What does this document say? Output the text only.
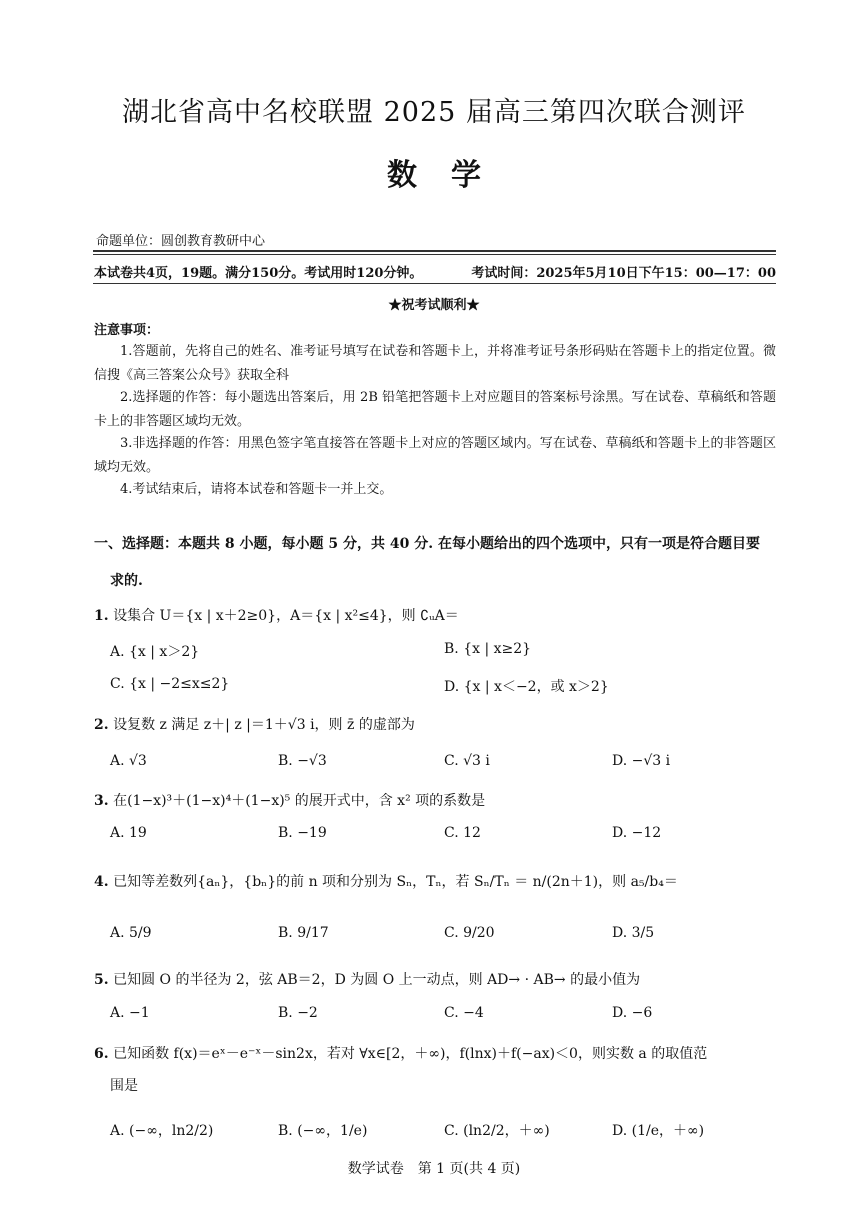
湖北省高中名校联盟 2025 届高三第四次联合测评
数学
命题单位：圆创教育教研中心
本试卷共4页，19题。满分150分。考试用时120分钟。	考试时间：2025年5月10日下午15：00—17：00
★祝考试顺利★
注意事项：
1.答题前，先将自己的姓名、准考证号填写在试卷和答题卡上，并将准考证号条形码贴在答题卡上的指定位置。微信搜《高三答案公众号》获取全科
2.选择题的作答：每小题选出答案后，用 2B 铅笔把答题卡上对应题目的答案标号涂黑。写在试卷、草稿纸和答题卡上的非答题区域均无效。
3.非选择题的作答：用黑色签字笔直接答在答题卡上对应的答题区域内。写在试卷、草稿纸和答题卡上的非答题区域均无效。
4.考试结束后，请将本试卷和答题卡一并上交。
一、选择题：本题共 8 小题，每小题 5 分，共 40 分. 在每小题给出的四个选项中，只有一项是符合题目要
求的.
1. 设集合 U＝{x | x＋2≥0}，A＝{x | x²≤4}，则 ∁ᵤA＝
A. {x | x＞2}	B. {x | x≥2}
C. {x | −2≤x≤2}	D. {x | x＜−2，或 x＞2}
2. 设复数 z 满足 z＋| z |＝1＋√3 i，则 z̄ 的虚部为
A. √3	B. −√3	C. √3 i	D. −√3 i
3. 在(1−x)³＋(1−x)⁴＋(1−x)⁵ 的展开式中，含 x² 项的系数是
A. 19	B. −19	C. 12	D. −12
4. 已知等差数列{aₙ}，{bₙ}的前 n 项和分别为 Sₙ，Tₙ，若 Sₙ/Tₙ ＝ n/(2n＋1)，则 a₅/b₄＝
A. 5/9	B. 9/17	C. 9/20	D. 3/5
5. 已知圆 O 的半径为 2，弦 AB＝2，D 为圆 O 上一动点，则 AD→ · AB→ 的最小值为
A. −1	B. −2	C. −4	D. −6
6. 已知函数 f(x)＝eˣ－e⁻ˣ－sin2x，若对 ∀x∈[2，＋∞)，f(lnx)＋f(−ax)＜0，则实数 a 的取值范
围是
A. (−∞，ln2/2)	B. (−∞，1/e)	C. (ln2/2，＋∞)	D. (1/e，＋∞)
数学试卷　第 1 页(共 4 页)
